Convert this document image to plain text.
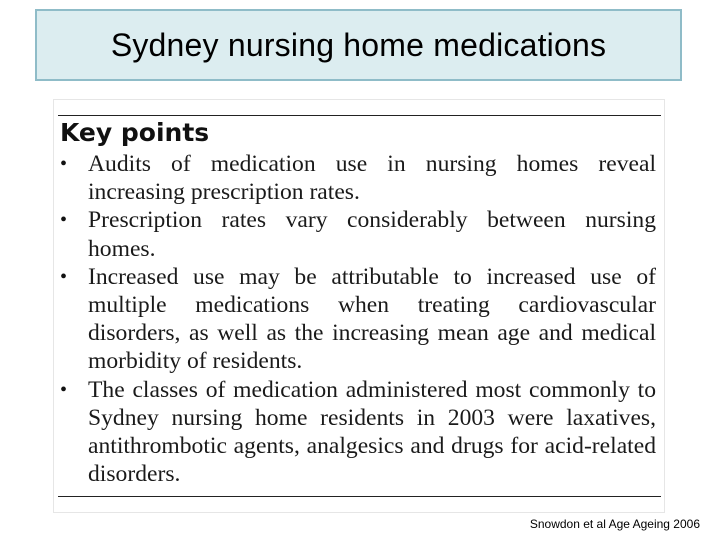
Sydney nursing home medications
Key points
• Audits of medication use in nursing homes reveal increasing prescription rates.
• Prescription rates vary considerably between nursing homes.
• Increased use may be attributable to increased use of multiple medications when treating cardiovascular disorders, as well as the increasing mean age and medical morbidity of residents.
• The classes of medication administered most commonly to Sydney nursing home residents in 2003 were laxatives, antithrombotic agents, analgesics and drugs for acid-related disorders.
Snowdon et al Age Ageing 2006
